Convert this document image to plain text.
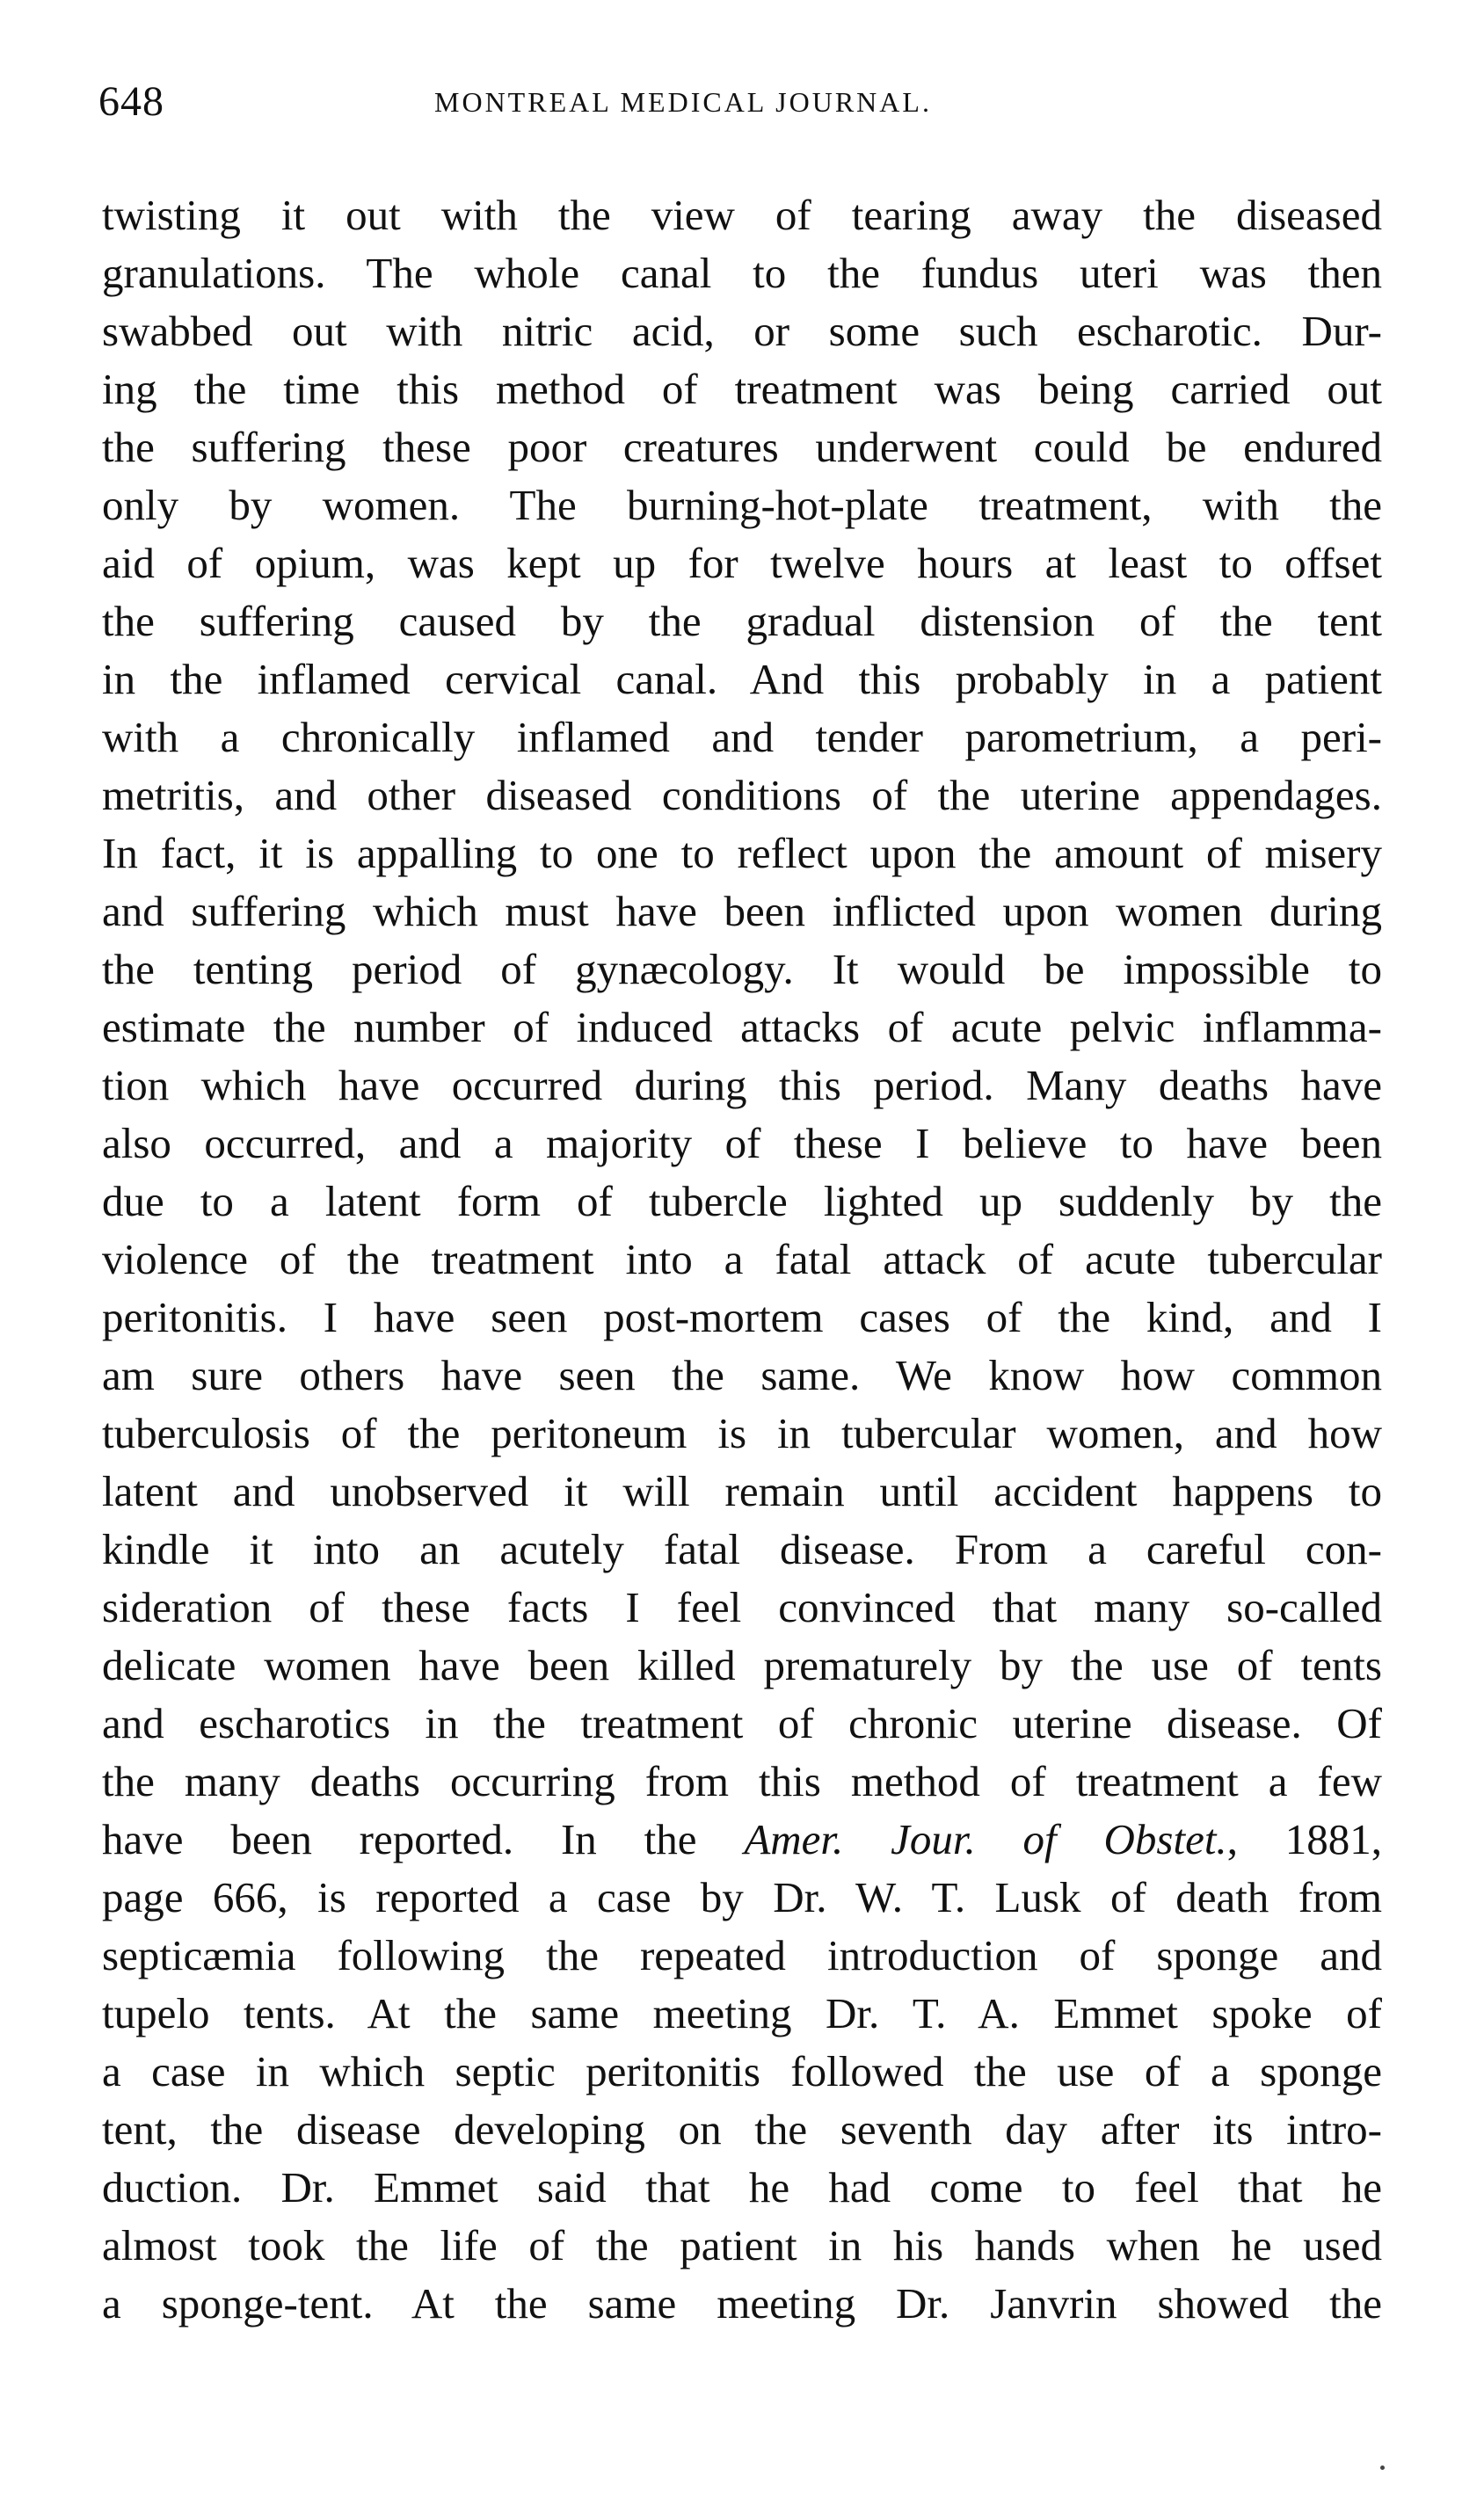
648	MONTREAL MEDICAL JOURNAL.
twisting it out with the view of tearing away the diseased
granulations. The whole canal to the fundus uteri was then
swabbed out with nitric acid, or some such escharotic. Dur-
ing the time this method of treatment was being carried out
the suffering these poor creatures underwent could be endured
only by women. The burning-hot-plate treatment, with the
aid of opium, was kept up for twelve hours at least to offset
the suffering caused by the gradual distension of the tent
in the inflamed cervical canal. And this probably in a patient
with a chronically inflamed and tender parometrium, a peri-
metritis, and other diseased conditions of the uterine appendages.
In fact, it is appalling to one to reflect upon the amount of misery
and suffering which must have been inflicted upon women during
the tenting period of gynæcology. It would be impossible to
estimate the number of induced attacks of acute pelvic inflamma-
tion which have occurred during this period. Many deaths have
also occurred, and a majority of these I believe to have been
due to a latent form of tubercle lighted up suddenly by the
violence of the treatment into a fatal attack of acute tubercular
peritonitis. I have seen post-mortem cases of the kind, and I
am sure others have seen the same. We know how common
tuberculosis of the peritoneum is in tubercular women, and how
latent and unobserved it will remain until accident happens to
kindle it into an acutely fatal disease. From a careful con-
sideration of these facts I feel convinced that many so-called
delicate women have been killed prematurely by the use of tents
and escharotics in the treatment of chronic uterine disease. Of
the many deaths occurring from this method of treatment a few
have been reported. In the Amer. Jour. of Obstet., 1881,
page 666, is reported a case by Dr. W. T. Lusk of death from
septicæmia following the repeated introduction of sponge and
tupelo tents. At the same meeting Dr. T. A. Emmet spoke of
a case in which septic peritonitis followed the use of a sponge
tent, the disease developing on the seventh day after its intro-
duction. Dr. Emmet said that he had come to feel that he
almost took the life of the patient in his hands when he used
a sponge-tent. At the same meeting Dr. Janvrin showed the
